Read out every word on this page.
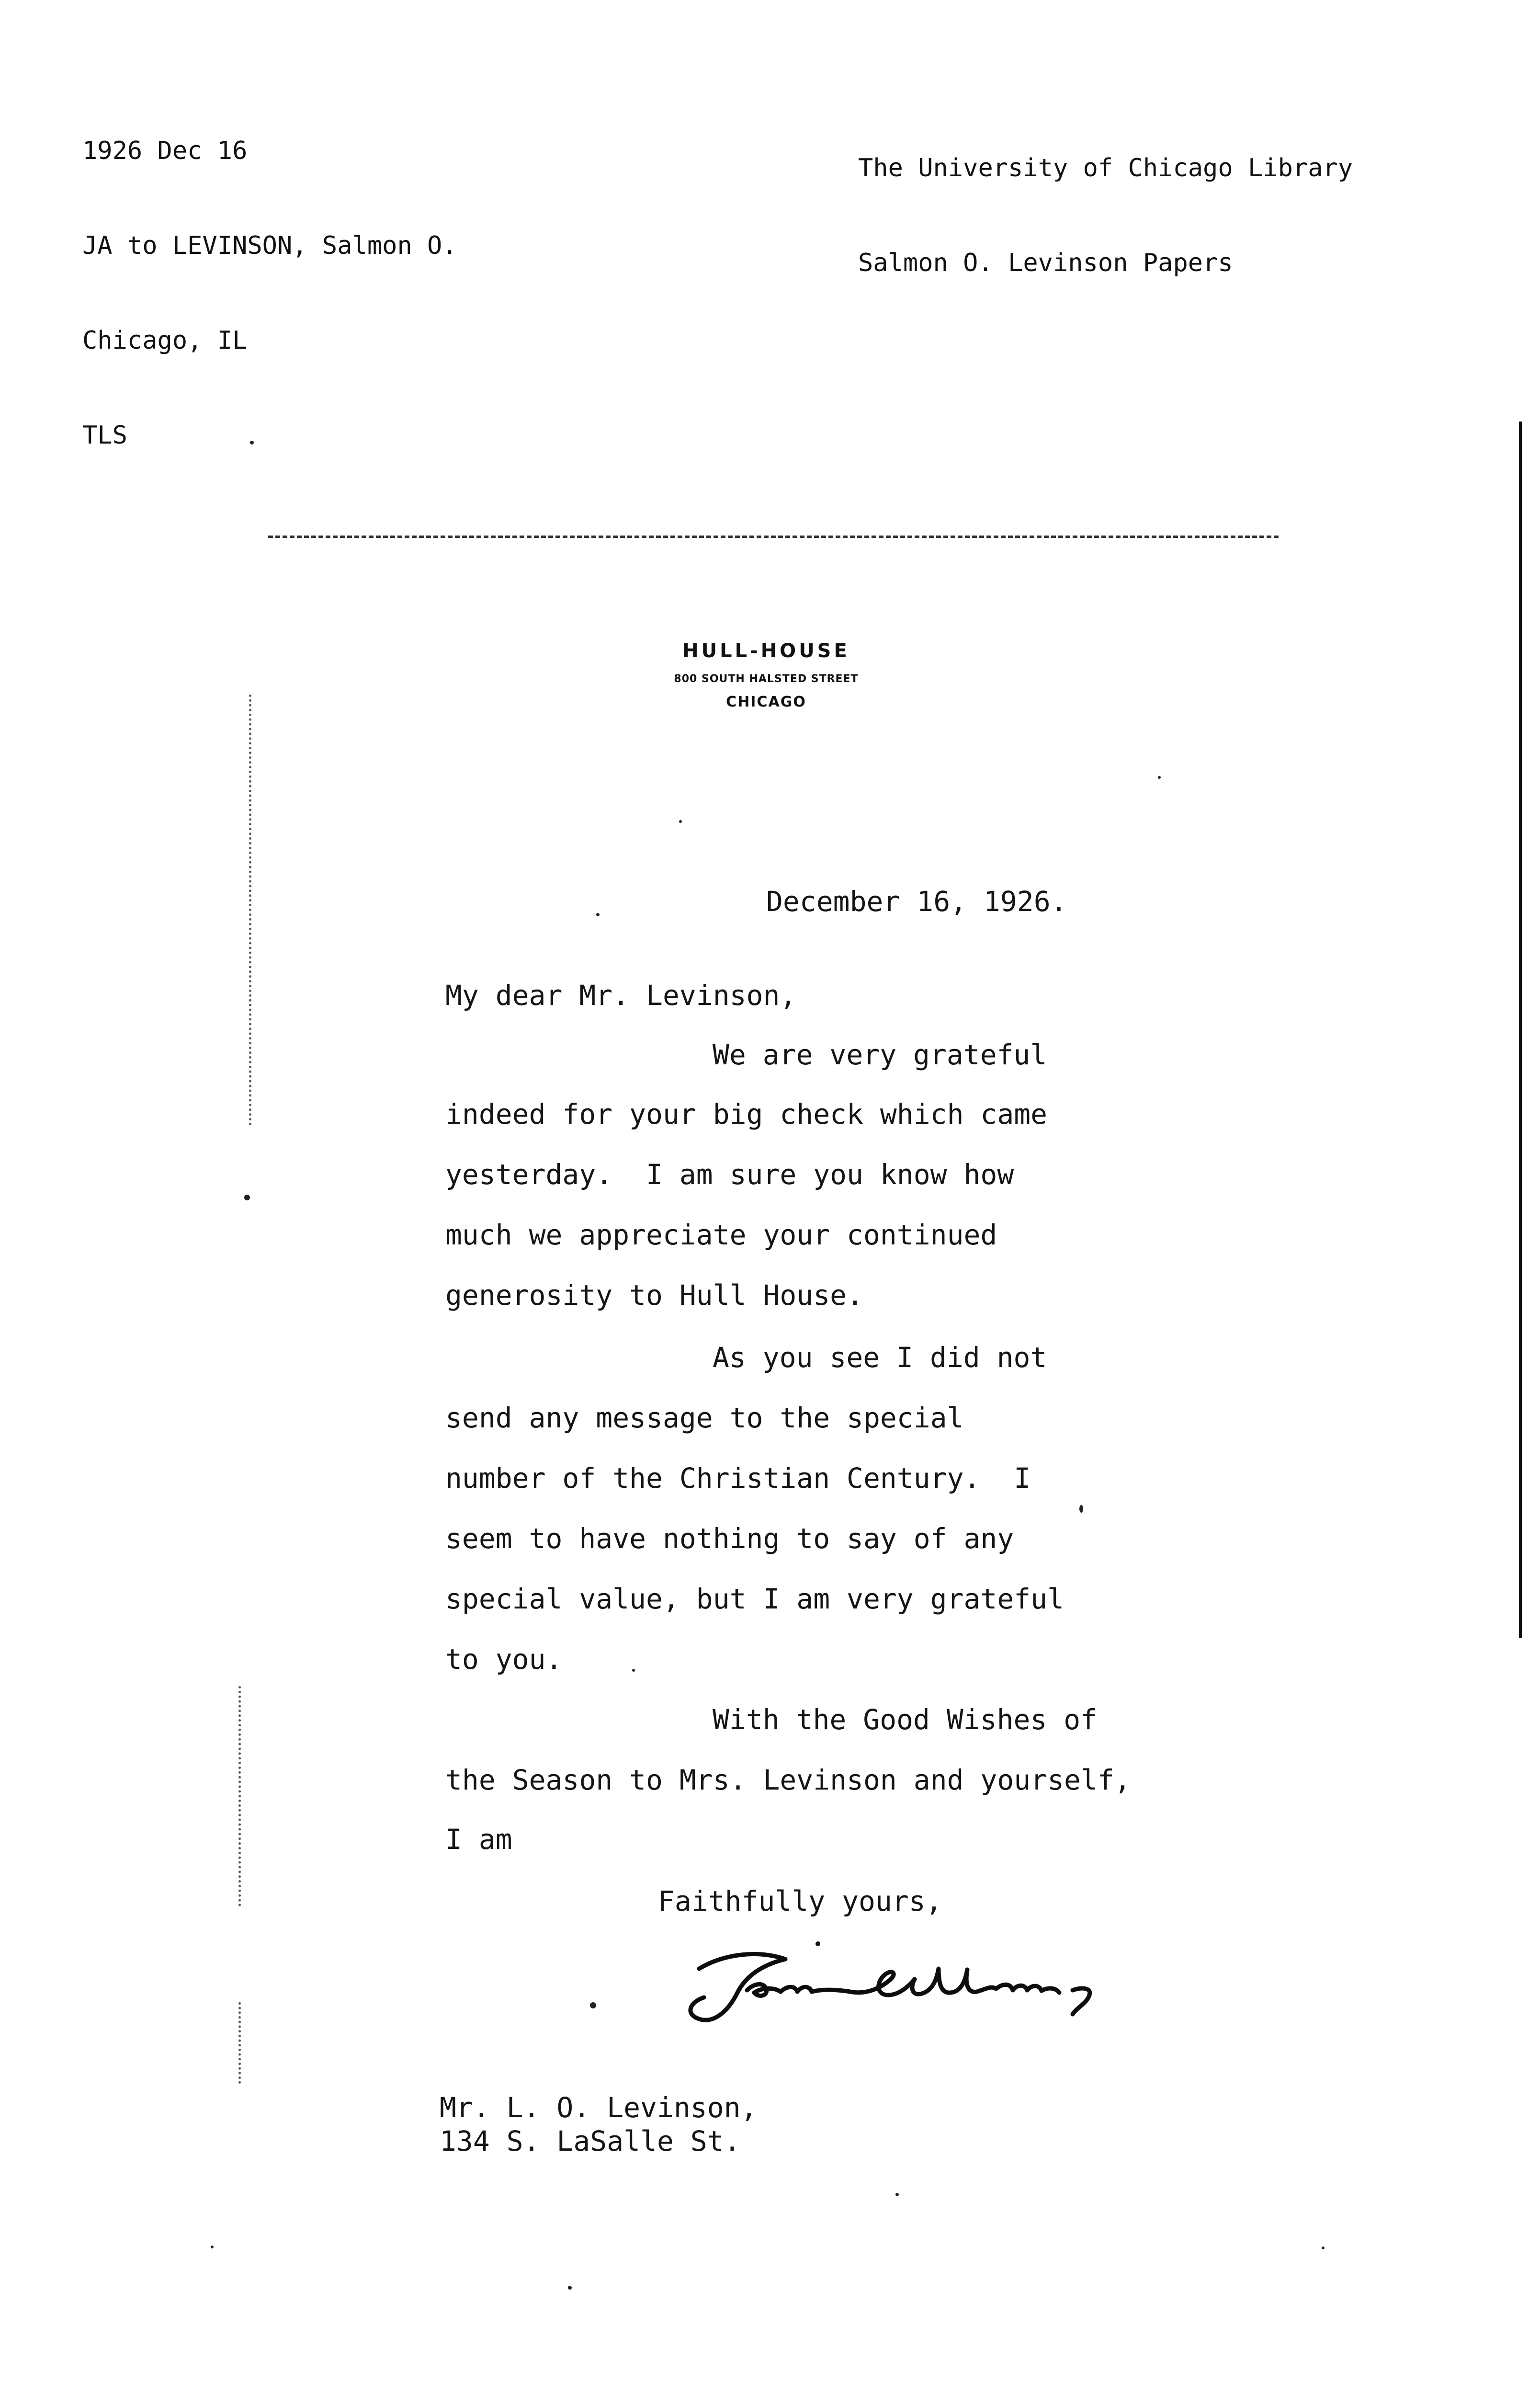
1926 Dec 16

JA to LEVINSON, Salmon O.

Chicago, IL

TLS

The University of Chicago Library

Salmon O. Levinson Papers

HULL-HOUSE
800 SOUTH HALSTED STREET
CHICAGO
December 16, 1926.
My dear Mr. Levinson,
We are very grateful
indeed for your big check which came
yesterday.  I am sure you know how
much we appreciate your continued
generosity to Hull House.
As you see I did not
send any message to the special
number of the Christian Century.  I
seem to have nothing to say of any
special value, but I am very grateful
to you.
With the Good Wishes of
the Season to Mrs. Levinson and yourself,
I am
Faithfully yours,
Mr. L. O. Levinson,
134 S. LaSalle St.
